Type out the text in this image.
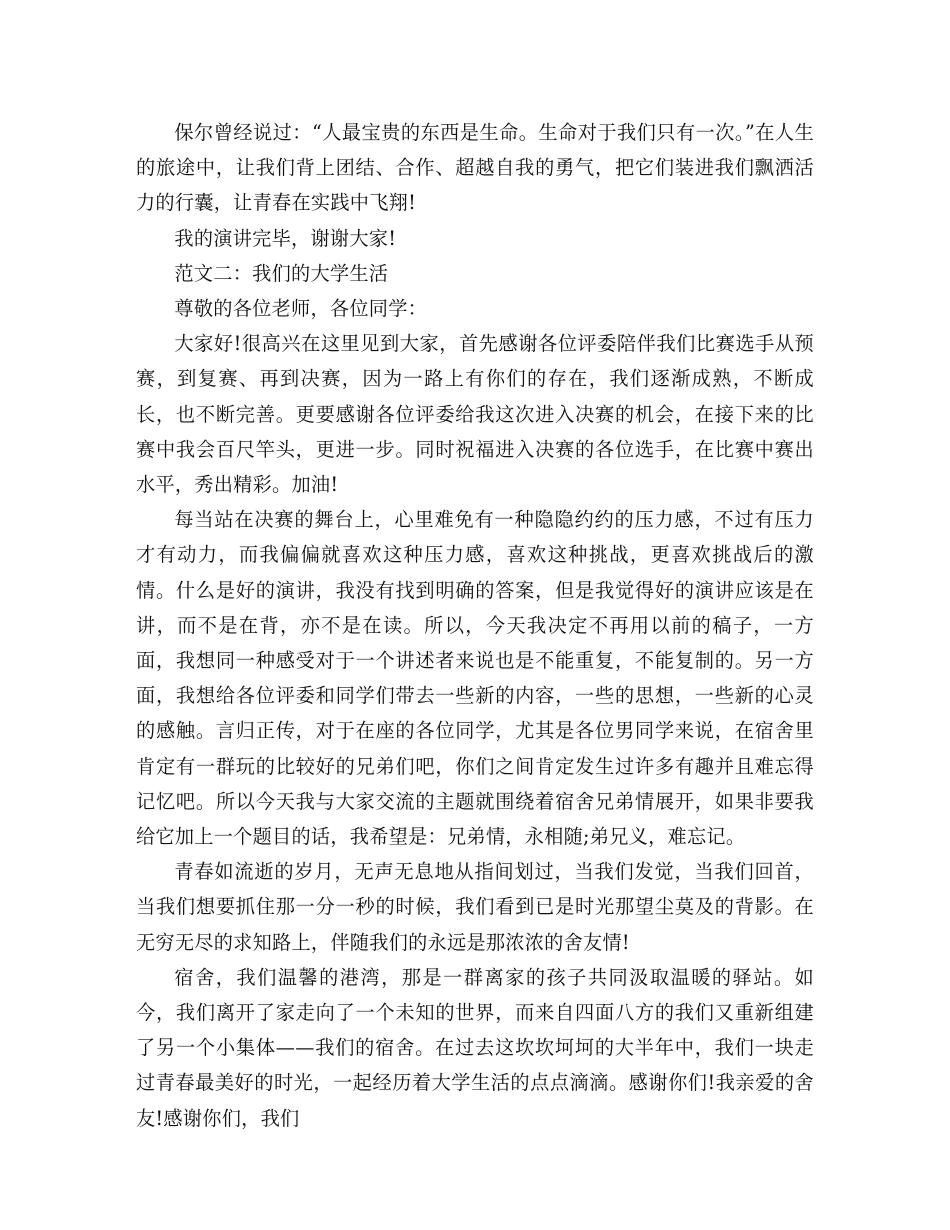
保尔曾经说过：“人最宝贵的东西是生命。生命对于我们只有一次。”在人生的旅途中，让我们背上团结、合作、超越自我的勇气，把它们装进我们飘洒活力的行囊，让青春在实践中飞翔!

我的演讲完毕，谢谢大家!

范文二：我们的大学生活

尊敬的各位老师，各位同学：

大家好!很高兴在这里见到大家，首先感谢各位评委陪伴我们比赛选手从预赛，到复赛、再到决赛，因为一路上有你们的存在，我们逐渐成熟，不断成长，也不断完善。更要感谢各位评委给我这次进入决赛的机会，在接下来的比赛中我会百尺竿头，更进一步。同时祝福进入决赛的各位选手，在比赛中赛出水平，秀出精彩。加油!

每当站在决赛的舞台上，心里难免有一种隐隐约约的压力感，不过有压力才有动力，而我偏偏就喜欢这种压力感，喜欢这种挑战，更喜欢挑战后的激情。什么是好的演讲，我没有找到明确的答案，但是我觉得好的演讲应该是在讲，而不是在背，亦不是在读。所以，今天我决定不再用以前的稿子，一方面，我想同一种感受对于一个讲述者来说也是不能重复，不能复制的。另一方面，我想给各位评委和同学们带去一些新的内容，一些的思想，一些新的心灵的感触。言归正传，对于在座的各位同学，尤其是各位男同学来说，在宿舍里肯定有一群玩的比较好的兄弟们吧，你们之间肯定发生过许多有趣并且难忘得记忆吧。所以今天我与大家交流的主题就围绕着宿舍兄弟情展开，如果非要我给它加上一个题目的话，我希望是：兄弟情，永相随;弟兄义，难忘记。

青春如流逝的岁月，无声无息地从指间划过，当我们发觉，当我们回首，当我们想要抓住那一分一秒的时候，我们看到已是时光那望尘莫及的背影。在无穷无尽的求知路上，伴随我们的永远是那浓浓的舍友情!

宿舍，我们温馨的港湾，那是一群离家的孩子共同汲取温暖的驿站。如今，我们离开了家走向了一个未知的世界，而来自四面八方的我们又重新组建了另一个小集体——我们的宿舍。在过去这坎坎坷坷的大半年中，我们一块走过青春最美好的时光，一起经历着大学生活的点点滴滴。感谢你们!我亲爱的舍友!感谢你们，我们
